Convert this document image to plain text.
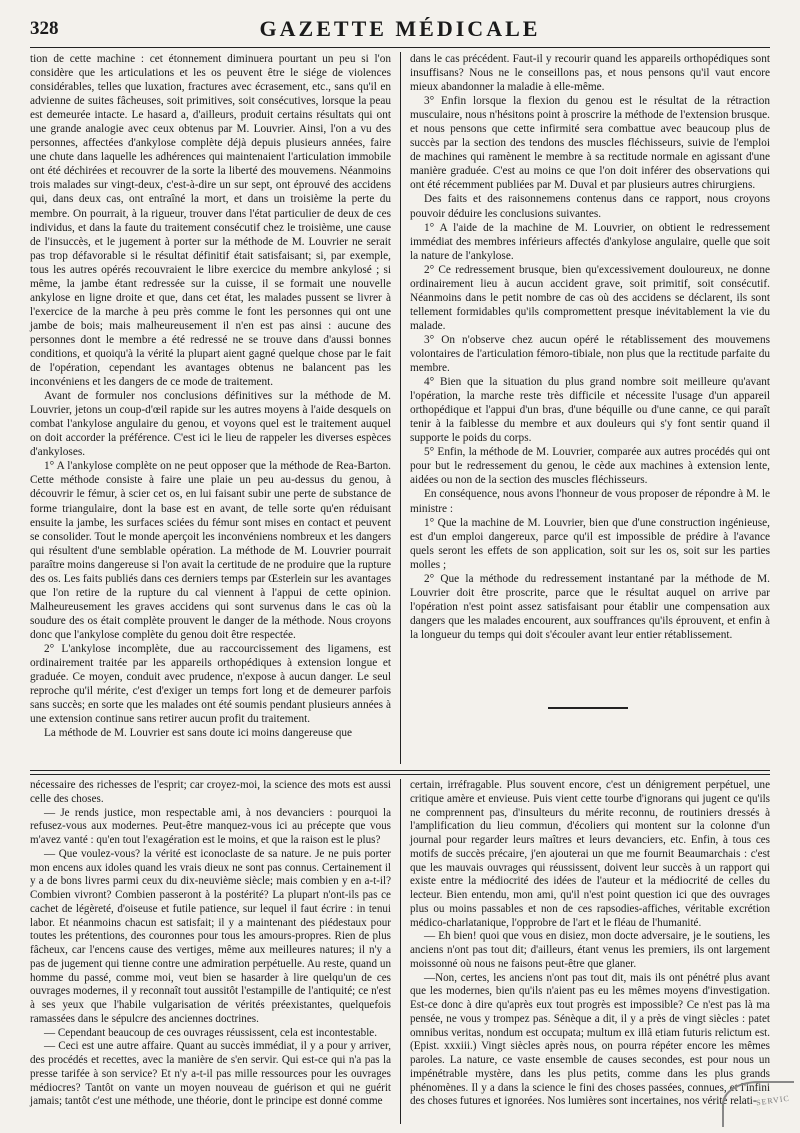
328	GAZETTE MÉDICALE

tion de cette machine : cet étonnement diminuera pourtant un peu si l'on considère que les articulations et les os peuvent être le siége de violences considérables, telles que luxation, fractures avec écrasement, etc., sans qu'il en advienne de suites fâcheuses, soit primitives, soit consécutives, lorsque la peau est demeurée intacte. Le hasard a, d'ailleurs, produit certains résultats qui ont une grande analogie avec ceux obtenus par M. Louvrier. Ainsi, l'on a vu des personnes, affectées d'ankylose complète déjà depuis plusieurs années, faire une chute dans laquelle les adhérences qui maintenaient l'articulation immobile ont été déchirées et recouvrer de la sorte la liberté des mouvemens. Néanmoins trois malades sur vingt-deux, c'est-à-dire un sur sept, ont éprouvé des accidens qui, dans deux cas, ont entraîné la mort, et dans un troisième la perte du membre. On pourrait, à la rigueur, trouver dans l'état particulier de deux de ces individus, et dans la faute du traitement consécutif chez le troisième, une cause de l'insuccès, et le jugement à porter sur la méthode de M. Louvrier ne serait pas trop défavorable si le résultat définitif était satisfaisant; si, par exemple, tous les autres opérés recouvraient le libre exercice du membre ankylosé ; si même, la jambe étant redressée sur la cuisse, il se formait une nouvelle ankylose en ligne droite et que, dans cet état, les malades pussent se livrer à l'exercice de la marche à peu près comme le font les personnes qui ont une jambe de bois; mais malheureusement il n'en est pas ainsi : aucune des personnes dont le membre a été redressé ne se trouve dans d'aussi bonnes conditions, et quoiqu'à la vérité la plupart aient gagné quelque chose par le fait de l'opération, cependant les avantages obtenus ne balancent pas les inconvéniens et les dangers de ce mode de traitement.

Avant de formuler nos conclusions définitives sur la méthode de M. Louvrier, jetons un coup-d'œil rapide sur les autres moyens à l'aide desquels on combat l'ankylose angulaire du genou, et voyons quel est le traitement auquel on doit accorder la préférence. C'est ici le lieu de rappeler les diverses espèces d'ankyloses.

1° A l'ankylose complète on ne peut opposer que la méthode de Rea-Barton. Cette méthode consiste à faire une plaie un peu au-dessus du genou, à découvrir le fémur, à scier cet os, en lui faisant subir une perte de substance de forme triangulaire, dont la base est en avant, de telle sorte qu'en réduisant ensuite la jambe, les surfaces sciées du fémur sont mises en contact et peuvent se consolider. Tout le monde aperçoit les inconvéniens nombreux et les dangers qui résultent d'une semblable opération. La méthode de M. Louvrier pourrait paraître moins dangereuse si l'on avait la certitude de ne produire que la rupture des os. Les faits publiés dans ces derniers temps par Œsterlein sur les avantages que l'on retire de la rupture du cal viennent à l'appui de cette opinion. Malheureusement les graves accidens qui sont survenus dans le cas où la soudure des os était complète prouvent le danger de la méthode. Nous croyons donc que l'ankylose complète du genou doit être respectée.

2° L'ankylose incomplète, due au raccourcissement des ligamens, est ordinairement traitée par les appareils orthopédiques à extension longue et graduée. Ce moyen, conduit avec prudence, n'expose à aucun danger. Le seul reproche qu'il mérite, c'est d'exiger un temps fort long et de demeurer parfois sans succès; en sorte que les malades ont été soumis pendant plusieurs années à une extension continue sans retirer aucun profit du traitement.

La méthode de M. Louvrier est sans doute ici moins dangereuse que

dans le cas précédent. Faut-il y recourir quand les appareils orthopédiques sont insuffisans? Nous ne le conseillons pas, et nous pensons qu'il vaut encore mieux abandonner la maladie à elle-même.

3° Enfin lorsque la flexion du genou est le résultat de la rétraction musculaire, nous n'hésitons point à proscrire la méthode de l'extension brusque. et nous pensons que cette infirmité sera combattue avec beaucoup plus de succès par la section des tendons des muscles fléchisseurs, suivie de l'emploi de machines qui ramènent le membre à sa rectitude normale en agissant d'une manière graduée. C'est au moins ce que l'on doit inférer des observations qui ont été récemment publiées par M. Duval et par plusieurs autres chirurgiens.

Des faits et des raisonnemens contenus dans ce rapport, nous croyons pouvoir déduire les conclusions suivantes.

1° A l'aide de la machine de M. Louvrier, on obtient le redressement immédiat des membres inférieurs affectés d'ankylose angulaire, quelle que soit la nature de l'ankylose.

2° Ce redressement brusque, bien qu'excessivement douloureux, ne donne ordinairement lieu à aucun accident grave, soit primitif, soit consécutif. Néanmoins dans le petit nombre de cas où des accidens se déclarent, ils sont tellement formidables qu'ils compromettent presque inévitablement la vie du malade.

3° On n'observe chez aucun opéré le rétablissement des mouvemens volontaires de l'articulation fémoro-tibiale, non plus que la rectitude parfaite du membre.

4° Bien que la situation du plus grand nombre soit meilleure qu'avant l'opération, la marche reste très difficile et nécessite l'usage d'un appareil orthopédique et l'appui d'un bras, d'une béquille ou d'une canne, ce qui paraît tenir à la faiblesse du membre et aux douleurs qui s'y font sentir quand il supporte le poids du corps.

5° Enfin, la méthode de M. Louvrier, comparée aux autres procédés qui ont pour but le redressement du genou, le cède aux machines à extension lente, aidées ou non de la section des muscles fléchisseurs.

En conséquence, nous avons l'honneur de vous proposer de répondre à M. le ministre :

1° Que la machine de M. Louvrier, bien que d'une construction ingénieuse, est d'un emploi dangereux, parce qu'il est impossible de prédire à l'avance quels seront les effets de son application, soit sur les os, soit sur les parties molles ;

2° Que la méthode du redressement instantané par la méthode de M. Louvrier doit être proscrite, parce que le résultat auquel on arrive par l'opération n'est point assez satisfaisant pour établir une compensation aux dangers que les malades encourent, aux souffrances qu'ils éprouvent, et enfin à la longueur du temps qui doit s'écouler avant leur entier rétablissement.

nécessaire des richesses de l'esprit; car croyez-moi, la science des mots est aussi celle des choses.

— Je rends justice, mon respectable ami, à nos devanciers : pourquoi la refusez-vous aux modernes. Peut-être manquez-vous ici au précepte que vous m'avez vanté : qu'en tout l'exagération est le moins, et que la raison est le plus?

— Que voulez-vous? la vérité est iconoclaste de sa nature. Je ne puis porter mon encens aux idoles quand les vrais dieux ne sont pas connus. Certainement il y a de bons livres parmi ceux du dix-neuvième siècle; mais combien y en a-t-il? Combien vivront? Combien passeront à la postérité? La plupart n'ont-ils pas ce cachet de légèreté, d'oiseuse et futile patience, sur lequel il faut écrire : in tenui labor. Et néanmoins chacun est satisfait; il y a maintenant des piédestaux pour toutes les prétentions, des couronnes pour tous les amours-propres. Rien de plus fâcheux, car l'encens cause des vertiges, même aux meilleures natures; il n'y a pas de jugement qui tienne contre une admiration perpétuelle. Au reste, quand un homme du passé, comme moi, veut bien se hasarder à lire quelqu'un de ces ouvrages modernes, il y reconnaît tout aussitôt l'estampille de l'antiquité; ce n'est à ses yeux que l'habile vulgarisation de vérités préexistantes, quelquefois ramassées dans le sépulcre des anciennes doctrines.

— Cependant beaucoup de ces ouvrages réussissent, cela est incontestable.

— Ceci est une autre affaire. Quant au succès immédiat, il y a pour y arriver, des procédés et recettes, avec la manière de s'en servir. Qui est-ce qui n'a pas la presse tarifée à son service? Et n'y a-t-il pas mille ressources pour les ouvrages médiocres? Tantôt on vante un moyen nouveau de guérison et qui ne guérit jamais; tantôt c'est une méthode, une théorie, dont le principe est donné comme

certain, irréfragable. Plus souvent encore, c'est un dénigrement perpétuel, une critique amère et envieuse. Puis vient cette tourbe d'ignorans qui jugent ce qu'ils ne comprennent pas, d'insulteurs du mérite reconnu, de routiniers dressés à l'amplification du lieu commun, d'écoliers qui montent sur la colonne d'un journal pour regarder leurs maîtres et leurs devanciers, etc. Enfin, à tous ces motifs de succès précaire, j'en ajouterai un que me fournit Beaumarchais : c'est que les mauvais ouvrages qui réussissent, doivent leur succès à un rapport qui existe entre la médiocrité des idées de l'auteur et la médiocrité de celles du lecteur. Bien entendu, mon ami, qu'il n'est point question ici que des ouvrages plus ou moins passables et non de ces rapsodies-affiches, véritable excrétion médico-charlatanique, l'opprobre de l'art et le fléau de l'humanité.

— Eh bien! quoi que vous en disiez, mon docte adversaire, je le soutiens, les anciens n'ont pas tout dit; d'ailleurs, étant venus les premiers, ils ont largement moissonné où nous ne faisons peut-être que glaner.

—Non, certes, les anciens n'ont pas tout dit, mais ils ont pénétré plus avant que les modernes, bien qu'ils n'aient pas eu les mêmes moyens d'investigation. Est-ce donc à dire qu'après eux tout progrès est impossible? Ce n'est pas là ma pensée, ne vous y trompez pas. Sénèque a dit, il y a près de vingt siècles : patet omnibus veritas, nondum est occupata; multum ex illâ etiam futuris relictum est. (Epist. xxxiii.) Vingt siècles après nous, on pourra répéter encore les mêmes paroles. La nature, ce vaste ensemble de causes secondes, est pour nous un impénétrable mystère, dans les plus petits, comme dans les plus grands phénomènes. Il y a dans la science le fini des choses passées, connues, et l'infini des choses futures et ignorées. Nos lumières sont incertaines, nos vérité relati- SERVIC
